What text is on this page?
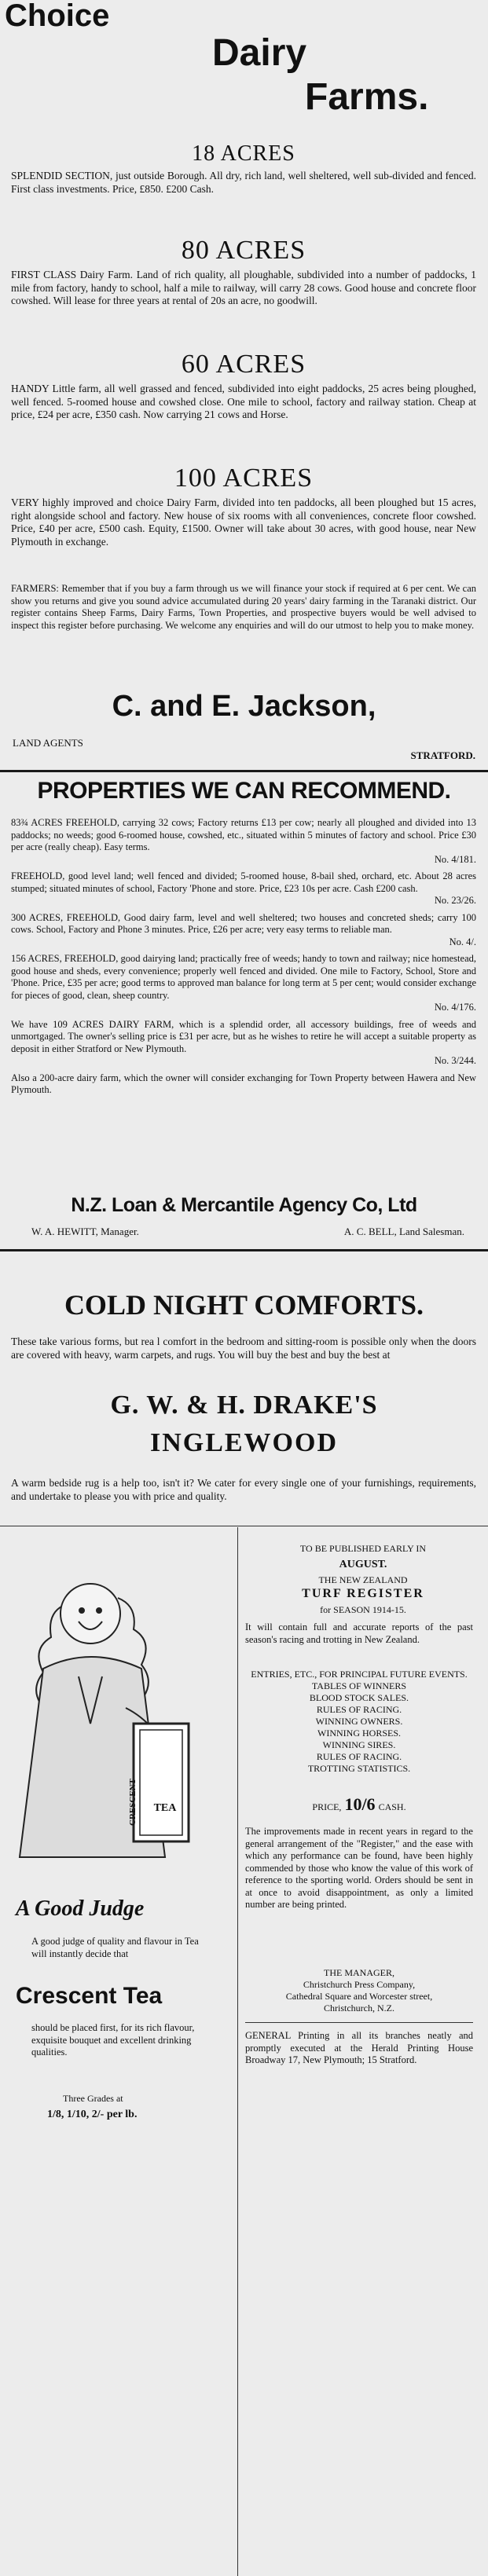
Choice
Dairy
Farms.
18 ACRES

SPLENDID SECTION, just outside Borough. All dry, rich land, well sheltered, well sub-divided and fenced. First class investments. Price, £850. £200 Cash.

80 ACRES

FIRST CLASS Dairy Farm. Land of rich quality, all ploughable, subdivided into a number of paddocks, 1 mile from factory, handy to school, half a mile to railway, will carry 28 cows. Good house and concrete floor cowshed. Will lease for three years at rental of 20s an acre, no goodwill.

60 ACRES

HANDY Little farm, all well grassed and fenced, subdivided into eight paddocks, 25 acres being ploughed, well fenced. 5-roomed house and cowshed close. One mile to school, factory and railway station. Cheap at price, £24 per acre, £350 cash. Now carrying 21 cows and Horse.

100 ACRES

VERY highly improved and choice Dairy Farm, divided into ten paddocks, all been ploughed but 15 acres, right alongside school and factory. New house of six rooms with all conveniences, concrete floor cowshed. Price, £40 per acre, £500 cash. Equity, £1500. Owner will take about 30 acres, with good house, near New Plymouth in exchange.

FARMERS: Remember that if you buy a farm through us we will finance your stock if required at 6 per cent. We can show you returns and give you sound advice accumulated during 20 years' dairy farming in the Taranaki district. Our register contains Sheep Farms, Dairy Farms, Town Properties, and prospective buyers would be well advised to inspect this register before purchasing. We welcome any enquiries and will do our utmost to help you to make money.

C. and E. Jackson,
LAND AGENTS
STRATFORD.
PROPERTIES WE CAN RECOMMEND.

83¾ ACRES FREEHOLD, carrying 32 cows; Factory returns £13 per cow; nearly all ploughed and divided into 13 paddocks; no weeds; good 6-roomed house, cowshed, etc., situated within 5 minutes of factory and school. Price £30 per acre (really cheap). Easy terms.

No. 4/181.

FREEHOLD, good level land; well fenced and divided; 5-roomed house, 8-bail shed, orchard, etc. About 28 acres stumped; situated minutes of school, Factory 'Phone and store. Price, £23 10s per acre. Cash £200 cash.

No. 23/26.

300 ACRES, FREEHOLD, Good dairy farm, level and well sheltered; two houses and concreted sheds; carry 100 cows. School, Factory and Phone 3 minutes. Price, £26 per acre; very easy terms to reliable man.

No. 4/.

156 ACRES, FREEHOLD, good dairying land; practically free of weeds; handy to town and railway; nice homestead, good house and sheds, every convenience; properly well fenced and divided. One mile to Factory, School, Store and 'Phone. Price, £35 per acre; good terms to approved man balance for long term at 5 per cent; would consider exchange for pieces of good, clean, sheep country.

No. 4/176.

We have 109 ACRES DAIRY FARM, which is a splendid order, all accessory buildings, free of weeds and unmortgaged. The owner's selling price is £31 per acre, but as he wishes to retire he will accept a suitable property as deposit in either Stratford or New Plymouth.

No. 3/244.

Also a 200-acre dairy farm, which the owner will consider exchanging for Town Property between Hawera and New Plymouth.

N.Z. Loan & Mercantile Agency Co, Ltd
W. A. HEWITT, Manager.	A. C. BELL, Land Salesman.
COLD NIGHT COMFORTS.

These take various forms, but rea l comfort in the bedroom and sitting-room is possible only when the doors are covered with heavy, warm carpets, and rugs. You will buy the best and buy the best at

G. W. & H. DRAKE'S
INGLEWOOD

A warm bedside rug is a help too, isn't it? We cater for every single one of your furnishings, requirements, and undertake to please you with price and quality.

CRESCENT	TEA
A Good Judge

A good judge of quality and flavour in Tea will instantly decide that

Crescent Tea

should be placed first, for its rich flavour, exquisite bouquet and excellent drinking qualities.

Three Grades at
1/8, 1/10, 2/- per lb.
TO BE PUBLISHED EARLY IN
AUGUST.
THE NEW ZEALAND
TURF REGISTER
for SEASON 1914-15.

It will contain full and accurate reports of the past season's racing and trotting in New Zealand.

ENTRIES, ETC., FOR PRINCIPAL FUTURE EVENTS.
TABLES OF WINNERS
BLOOD STOCK SALES.
RULES OF RACING.
WINNING OWNERS.
WINNING HORSES.
WINNING SIRES.
RULES OF RACING.
TROTTING STATISTICS.
PRICE, 10/6 CASH.

The improvements made in recent years in regard to the general arrangement of the "Register," and the ease with which any performance can be found, have been highly commended by those who know the value of this work of reference to the sporting world. Orders should be sent in at once to avoid disappointment, as only a limited number are being printed.

THE MANAGER,
Christchurch Press Company,
Cathedral Square and Worcester street,
Christchurch, N.Z.

GENERAL Printing in all its branches neatly and promptly executed at the Herald Printing House Broadway 17, New Plymouth; 15 Stratford.
